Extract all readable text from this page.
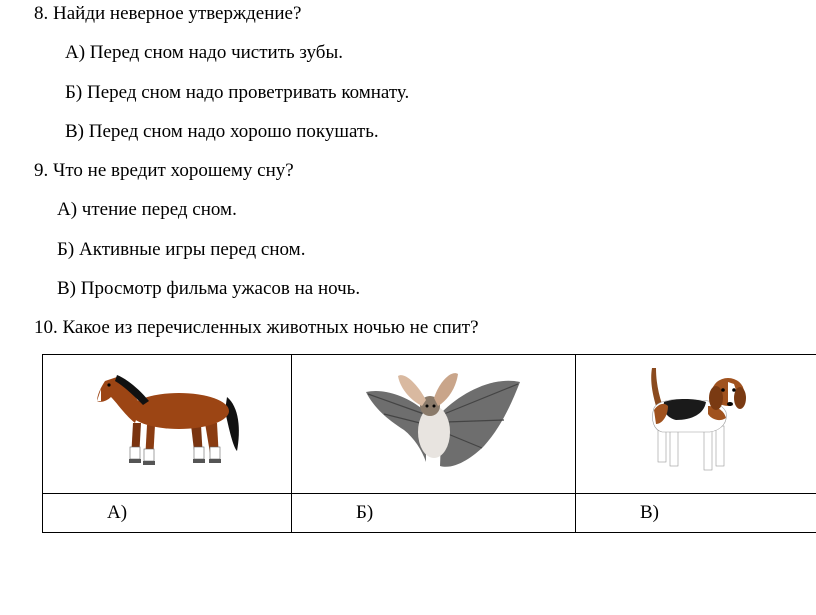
8. Найди неверное утверждение?
А) Перед сном надо чистить зубы.
Б) Перед сном надо проветривать комнату.
В) Перед сном надо хорошо покушать.
9. Что не вредит хорошему сну?
А) чтение перед сном.
Б) Активные игры перед сном.
В) Просмотр фильма ужасов на ночь.
10. Какое из перечисленных животных ночью не спит?

А)	Б)	В)
